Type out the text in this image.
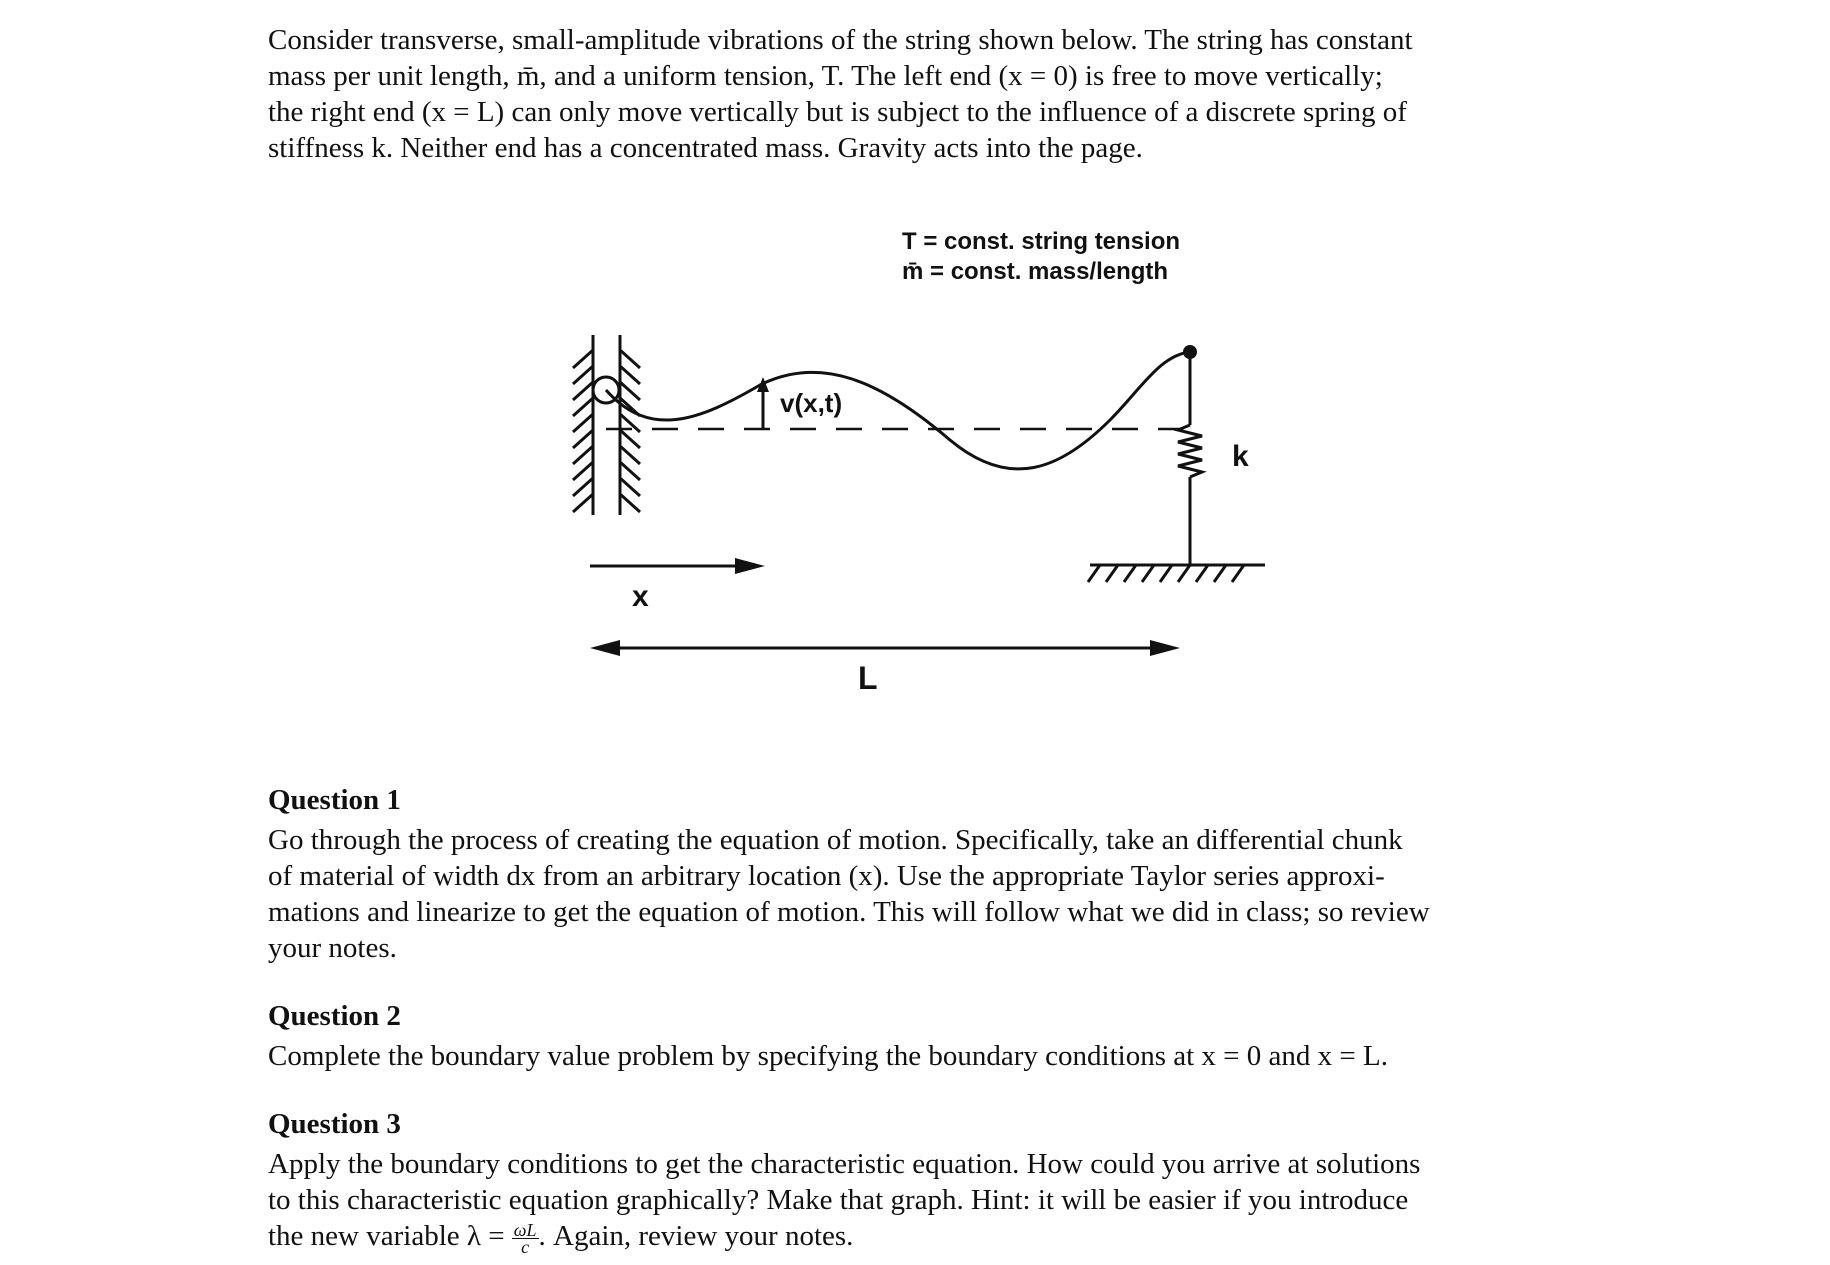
Consider transverse, small-amplitude vibrations of the string shown below. The string has constant
mass per unit length, m̄, and a uniform tension, T. The left end (x = 0) is free to move vertically;
the right end (x = L) can only move vertically but is subject to the influence of a discrete spring of
stiffness k. Neither end has a concentrated mass. Gravity acts into the page.
T = const. string tension
m̄ = const. mass/length
v(x,t)
k
x
L
Question 1
Go through the process of creating the equation of motion. Specifically, take an differential chunk
of material of width dx from an arbitrary location (x). Use the appropriate Taylor series approxi-
mations and linearize to get the equation of motion. This will follow what we did in class; so review
your notes.
Question 2
Complete the boundary value problem by specifying the boundary conditions at x = 0 and x = L.
Question 3
Apply the boundary conditions to get the characteristic equation. How could you arrive at solutions
to this characteristic equation graphically? Make that graph. Hint: it will be easier if you introduce
the new variable $\lambda = \frac{\omega L}{c}$ . Again, review your notes.
